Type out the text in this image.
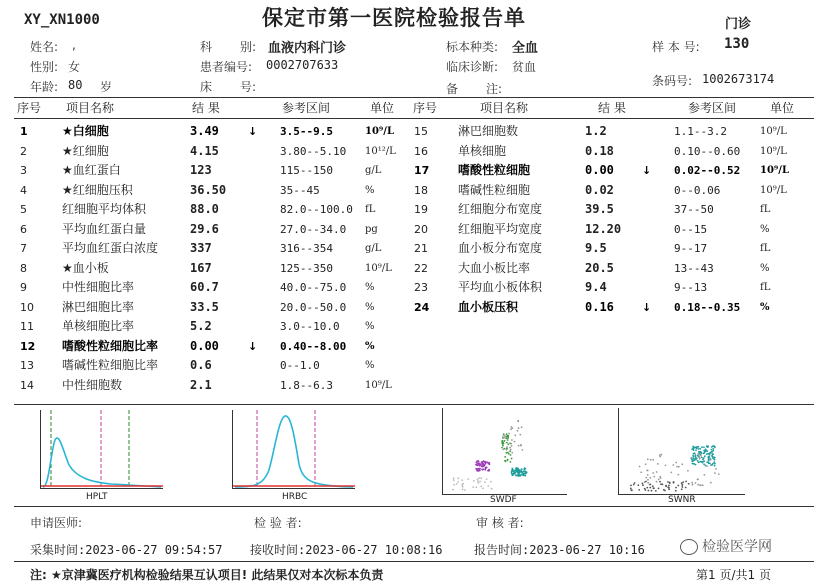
XY_XN1000	保定市第一医院检验报告单	门诊
姓名: ,	科 别: 血液内科门诊	标本种类: 全血	样 本 号: 130
性别: 女	患者编号: 0002707633	临床诊断: 贫血
年龄: 80 岁	床 号:	备 注:
条码号: 1002673174
序号 项目名称	结 果	参考区间	单位 序号	项目名称	结 果	参考区间	单位
1	★白细胞	3.49	↓ 3.5--9.5	10⁹/L
2	★红细胞	4.15	3.80--5.10 10¹²/L
3	★血红蛋白	123	115--150	g/L
4	★红细胞压积	36.50	35--45	%
5	红细胞平均体积	88.0	82.0--100.0 fL
6	平均血红蛋白量	29.6	27.0--34.0 pg
7	平均血红蛋白浓度	337	316--354	g/L
8	★血小板	167	125--350	10⁹/L
9	中性细胞比率	60.7	40.0--75.0 %
10 淋巴细胞比率	33.5	20.0--50.0 %
11 单核细胞比率	5.2	3.0--10.0	%
12 嗜酸性粒细胞比率	0.00	↓ 0.40--8.00 %
13 嗜碱性粒细胞比率	0.6	0--1.0	%
14 中性细胞数	2.1	1.8--6.3	10⁹/L
15	淋巴细胞数	1.2	1.1--3.2	10⁹/L
16	单核细胞	0.18	0.10--0.60 10⁹/L
17 嗜酸性粒细胞	0.00	↓ 0.02--0.52 10⁹/L
18	嗜碱性粒细胞	0.02	0--0.06	10⁹/L
19	红细胞分布宽度	39.5	37--50	fL
20	红细胞平均宽度	12.20	0--15	%
21	血小板分布宽度	9.5	9--17	fL
22	大血小板比率	20.5	13--43	%
23	平均血小板体积	9.4	9--13	fL
24 血小板压积	0.16	↓ 0.18--0.35 %
HPLT	HRBC	SWDF	SWNR
申请医师:	检 验 者:	审 核 者:
采集时间:2023-06-27 09:54:57 接收时间:2023-06-27 10:08:16	报告时间:2023-06-27 10:16
注: ★京津冀医疗机构检验结果互认项目! 此结果仅对本次标本负责	第1 页/共1 页
检验医学网
